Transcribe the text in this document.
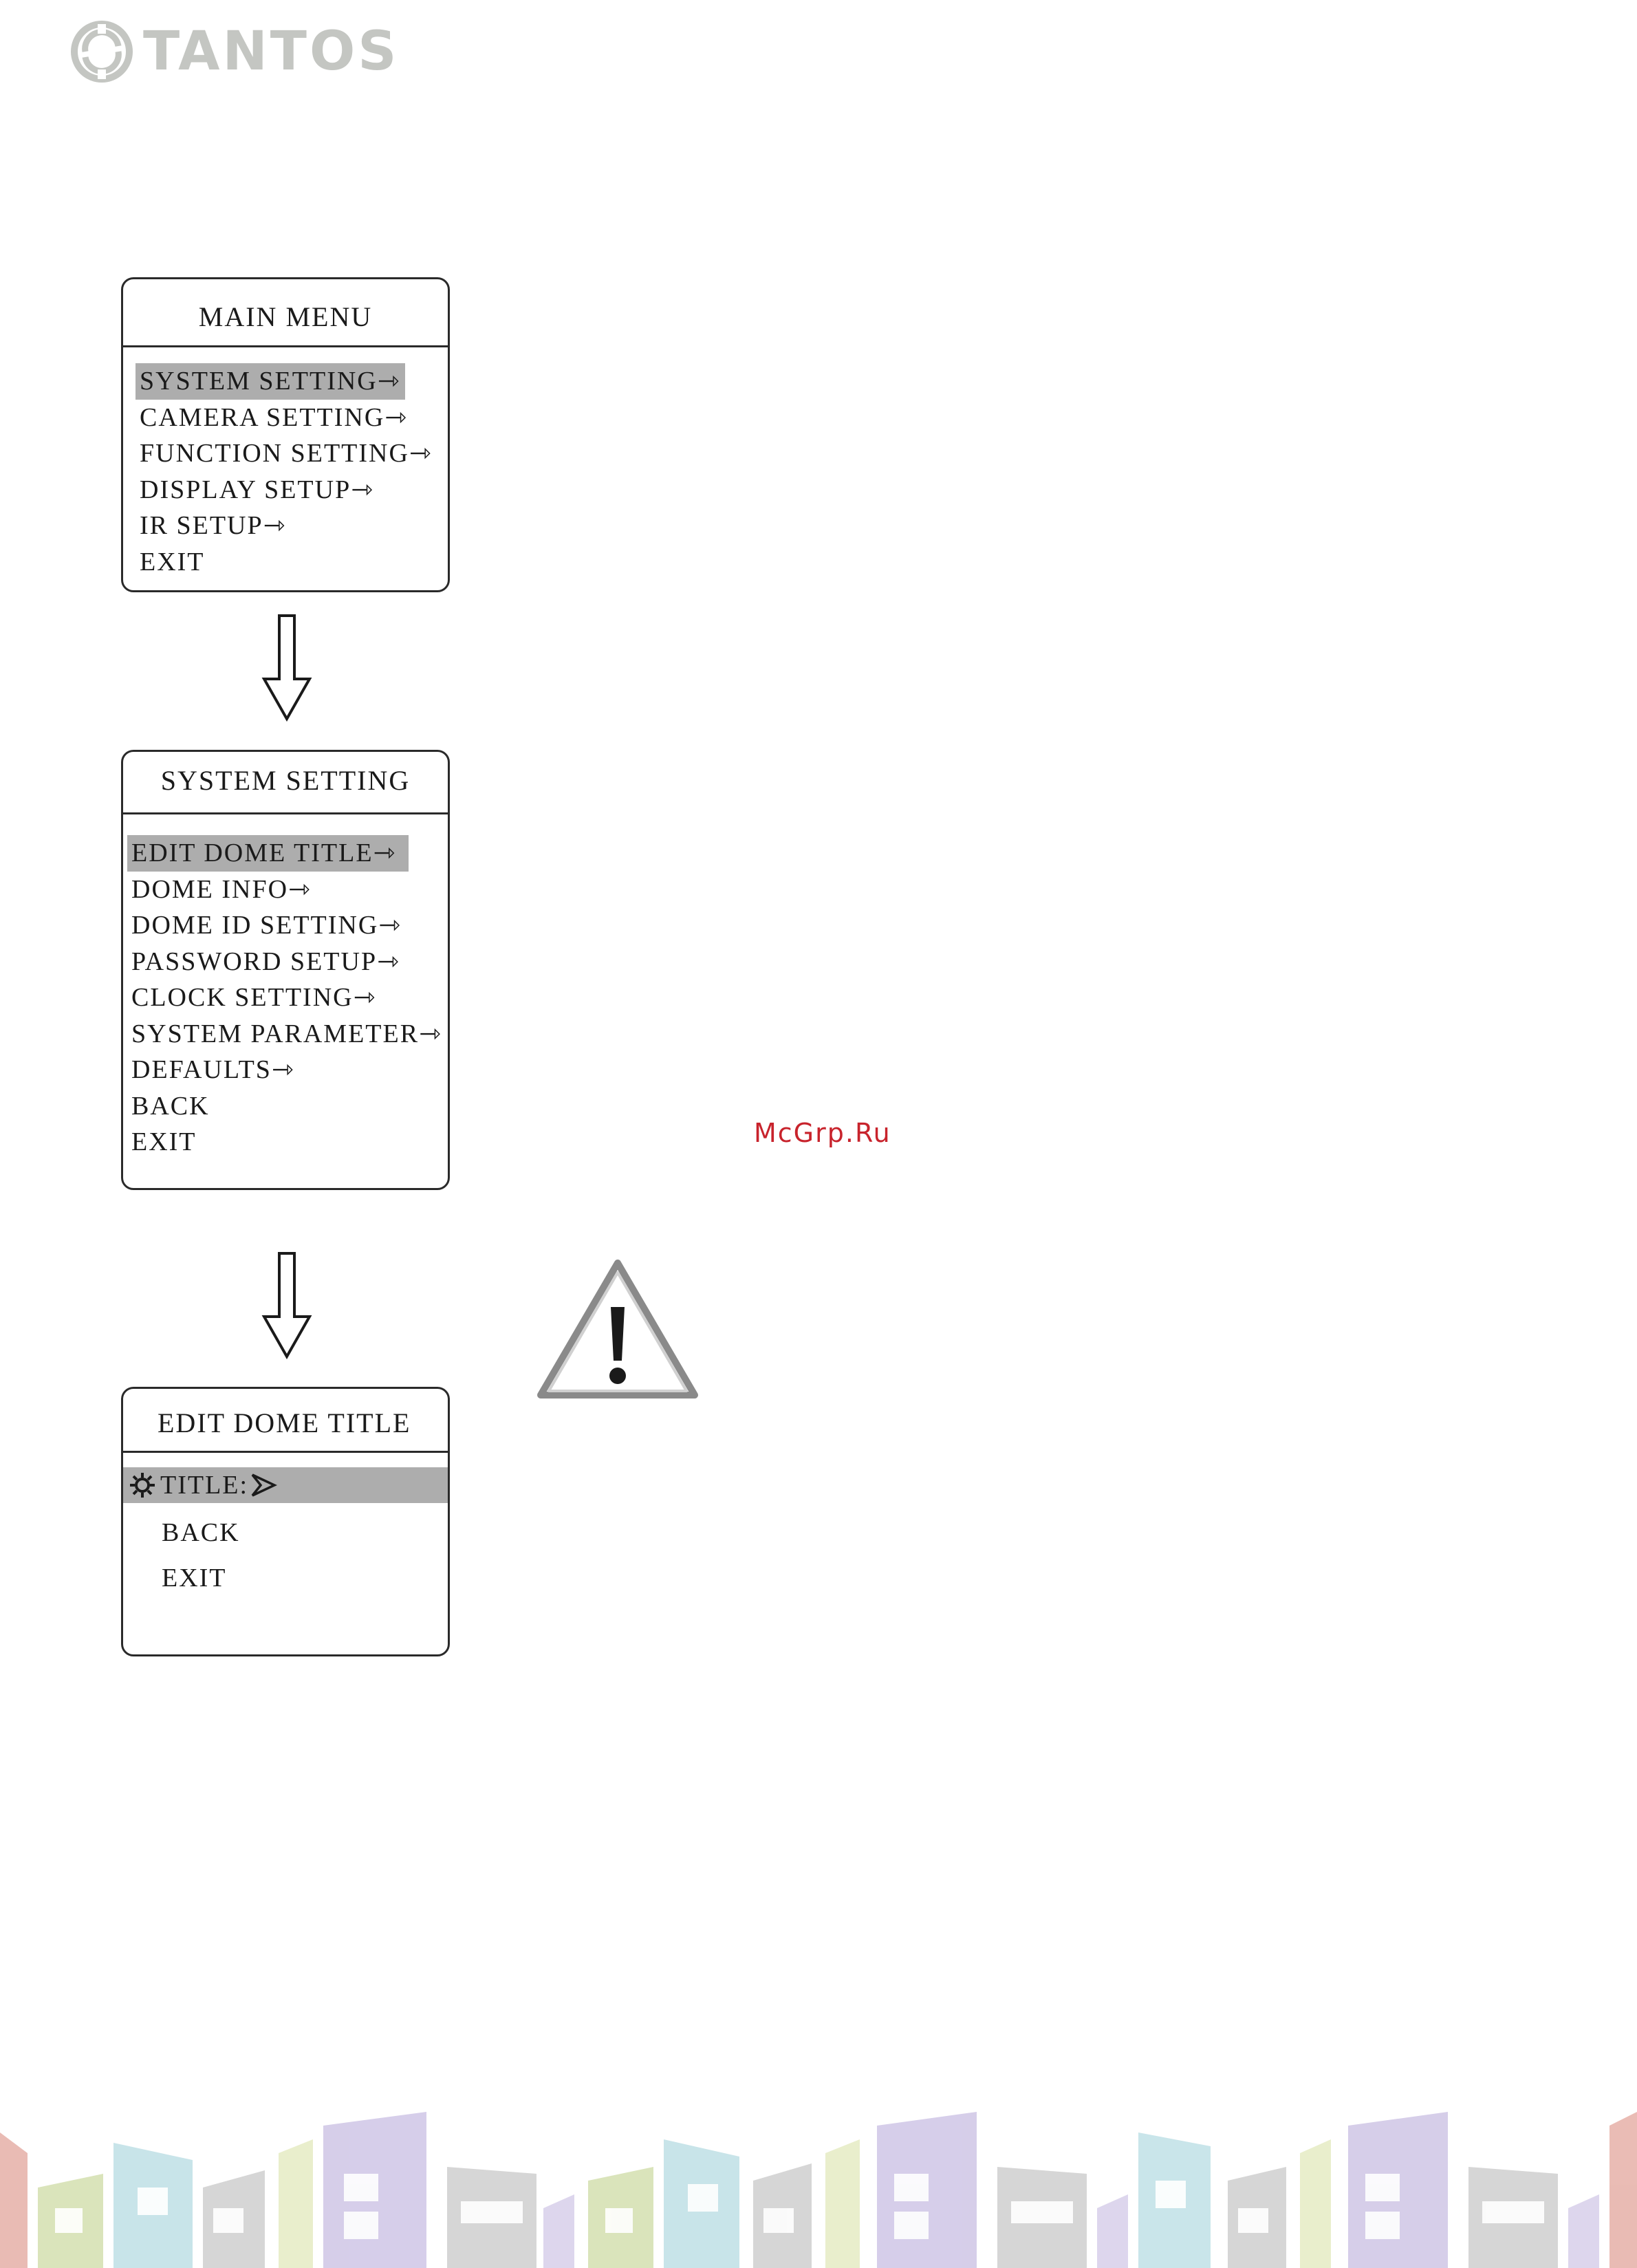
TANTOS
MAIN MENU
SYSTEM SETTING⇾
CAMERA SETTING⇾
FUNCTION SETTING⇾
DISPLAY SETUP⇾
IR SETUP⇾
EXIT
SYSTEM SETTING
EDIT DOME TITLE⇾
DOME INFO⇾
DOME ID SETTING⇾
PASSWORD SETUP⇾
CLOCK SETTING⇾
SYSTEM PARAMETER⇾
DEFAULTS⇾
BACK
EXIT	McGrp.Ru
EDIT DOME TITLE
TITLE:
BACK
EXIT
